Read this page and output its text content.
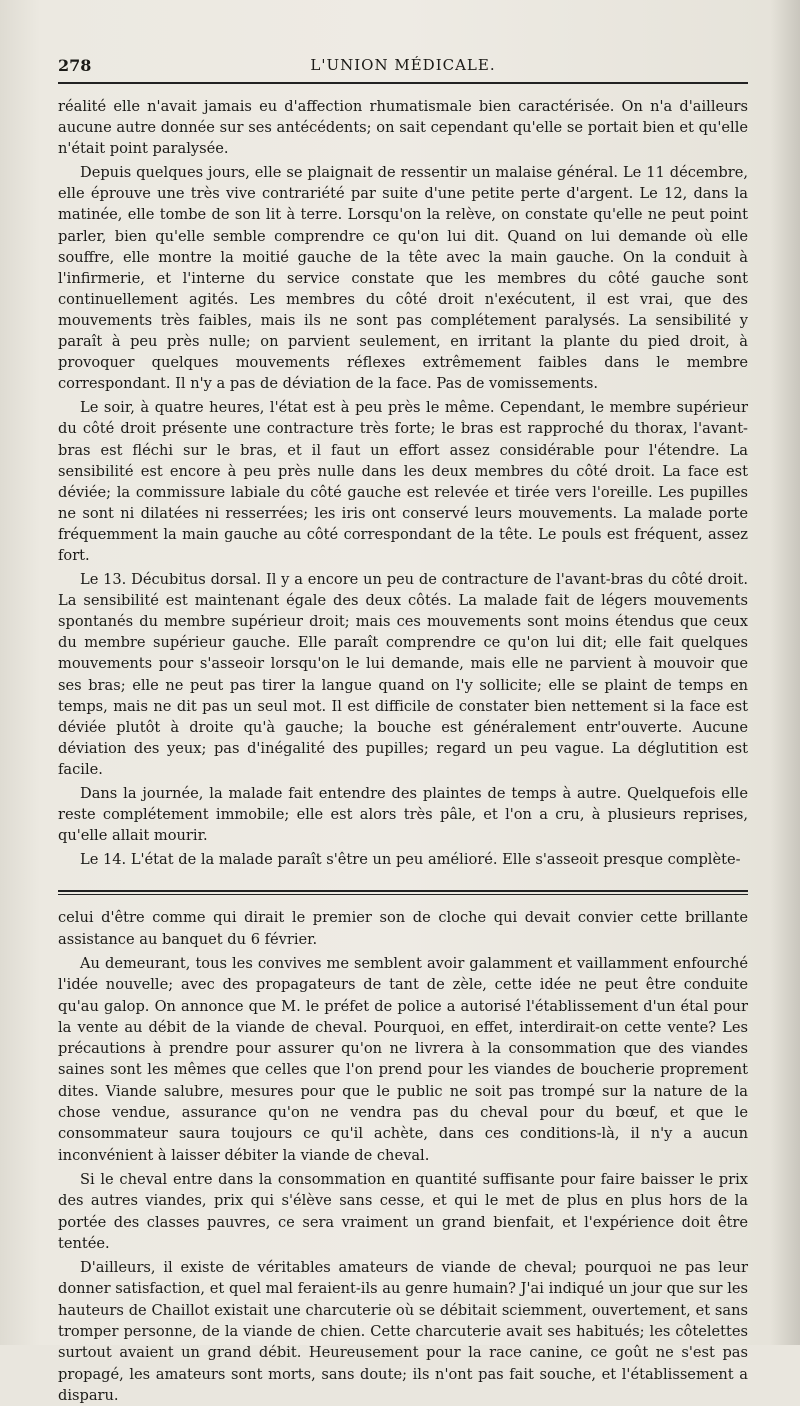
278	L'UNION MÉDICALE.

réalité elle n'avait jamais eu d'affection rhumatismale bien caractérisée. On n'a d'ailleurs aucune autre donnée sur ses antécédents; on sait cependant qu'elle se portait bien et qu'elle n'était point paralysée.

Depuis quelques jours, elle se plaignait de ressentir un malaise général. Le 11 décembre, elle éprouve une très vive contrariété par suite d'une petite perte d'argent. Le 12, dans la matinée, elle tombe de son lit à terre. Lorsqu'on la relève, on constate qu'elle ne peut point parler, bien qu'elle semble comprendre ce qu'on lui dit. Quand on lui demande où elle souffre, elle montre la moitié gauche de la tête avec la main gauche. On la conduit à l'infirmerie, et l'interne du service constate que les membres du côté gauche sont continuellement agités. Les membres du côté droit n'exécutent, il est vrai, que des mouvements très faibles, mais ils ne sont pas complétement paralysés. La sensibilité y paraît à peu près nulle; on parvient seulement, en irritant la plante du pied droit, à provoquer quelques mouvements réflexes extrêmement faibles dans le membre correspondant. Il n'y a pas de déviation de la face. Pas de vomissements.

Le soir, à quatre heures, l'état est à peu près le même. Cependant, le membre supérieur du côté droit présente une contracture très forte; le bras est rapproché du thorax, l'avant-bras est fléchi sur le bras, et il faut un effort assez considérable pour l'étendre. La sensibilité est encore à peu près nulle dans les deux membres du côté droit. La face est déviée; la commissure labiale du côté gauche est relevée et tirée vers l'oreille. Les pupilles ne sont ni dilatées ni resserrées; les iris ont conservé leurs mouvements. La malade porte fréquemment la main gauche au côté correspondant de la tête. Le pouls est fréquent, assez fort.

Le 13. Décubitus dorsal. Il y a encore un peu de contracture de l'avant-bras du côté droit. La sensibilité est maintenant égale des deux côtés. La malade fait de légers mouvements spontanés du membre supérieur droit; mais ces mouvements sont moins étendus que ceux du membre supérieur gauche. Elle paraît comprendre ce qu'on lui dit; elle fait quelques mouvements pour s'asseoir lorsqu'on le lui demande, mais elle ne parvient à mouvoir que ses bras; elle ne peut pas tirer la langue quand on l'y sollicite; elle se plaint de temps en temps, mais ne dit pas un seul mot. Il est difficile de constater bien nettement si la face est déviée plutôt à droite qu'à gauche; la bouche est généralement entr'ouverte. Aucune déviation des yeux; pas d'inégalité des pupilles; regard un peu vague. La déglutition est facile.

Dans la journée, la malade fait entendre des plaintes de temps à autre. Quelquefois elle reste complétement immobile; elle est alors très pâle, et l'on a cru, à plusieurs reprises, qu'elle allait mourir.

Le 14. L'état de la malade paraît s'être un peu amélioré. Elle s'asseoit presque complète-

celui d'être comme qui dirait le premier son de cloche qui devait convier cette brillante assistance au banquet du 6 février.

Au demeurant, tous les convives me semblent avoir galamment et vaillamment enfourché l'idée nouvelle; avec des propagateurs de tant de zèle, cette idée ne peut être conduite qu'au galop. On annonce que M. le préfet de police a autorisé l'établissement d'un étal pour la vente au débit de la viande de cheval. Pourquoi, en effet, interdirait-on cette vente? Les précautions à prendre pour assurer qu'on ne livrera à la consommation que des viandes saines sont les mêmes que celles que l'on prend pour les viandes de boucherie proprement dites. Viande salubre, mesures pour que le public ne soit pas trompé sur la nature de la chose vendue, assurance qu'on ne vendra pas du cheval pour du bœuf, et que le consommateur saura toujours ce qu'il achète, dans ces conditions-là, il n'y a aucun inconvénient à laisser débiter la viande de cheval.

Si le cheval entre dans la consommation en quantité suffisante pour faire baisser le prix des autres viandes, prix qui s'élève sans cesse, et qui le met de plus en plus hors de la portée des classes pauvres, ce sera vraiment un grand bienfait, et l'expérience doit être tentée.

D'ailleurs, il existe de véritables amateurs de viande de cheval; pourquoi ne pas leur donner satisfaction, et quel mal feraient-ils au genre humain? J'ai indiqué un jour que sur les hauteurs de Chaillot existait une charcuterie où se débitait sciemment, ouvertement, et sans tromper personne, de la viande de chien. Cette charcuterie avait ses habitués; les côtelettes surtout avaient un grand débit. Heureusement pour la race canine, ce goût ne s'est pas propagé, les amateurs sont morts, sans doute; ils n'ont pas fait souche, et l'établissement a disparu.
